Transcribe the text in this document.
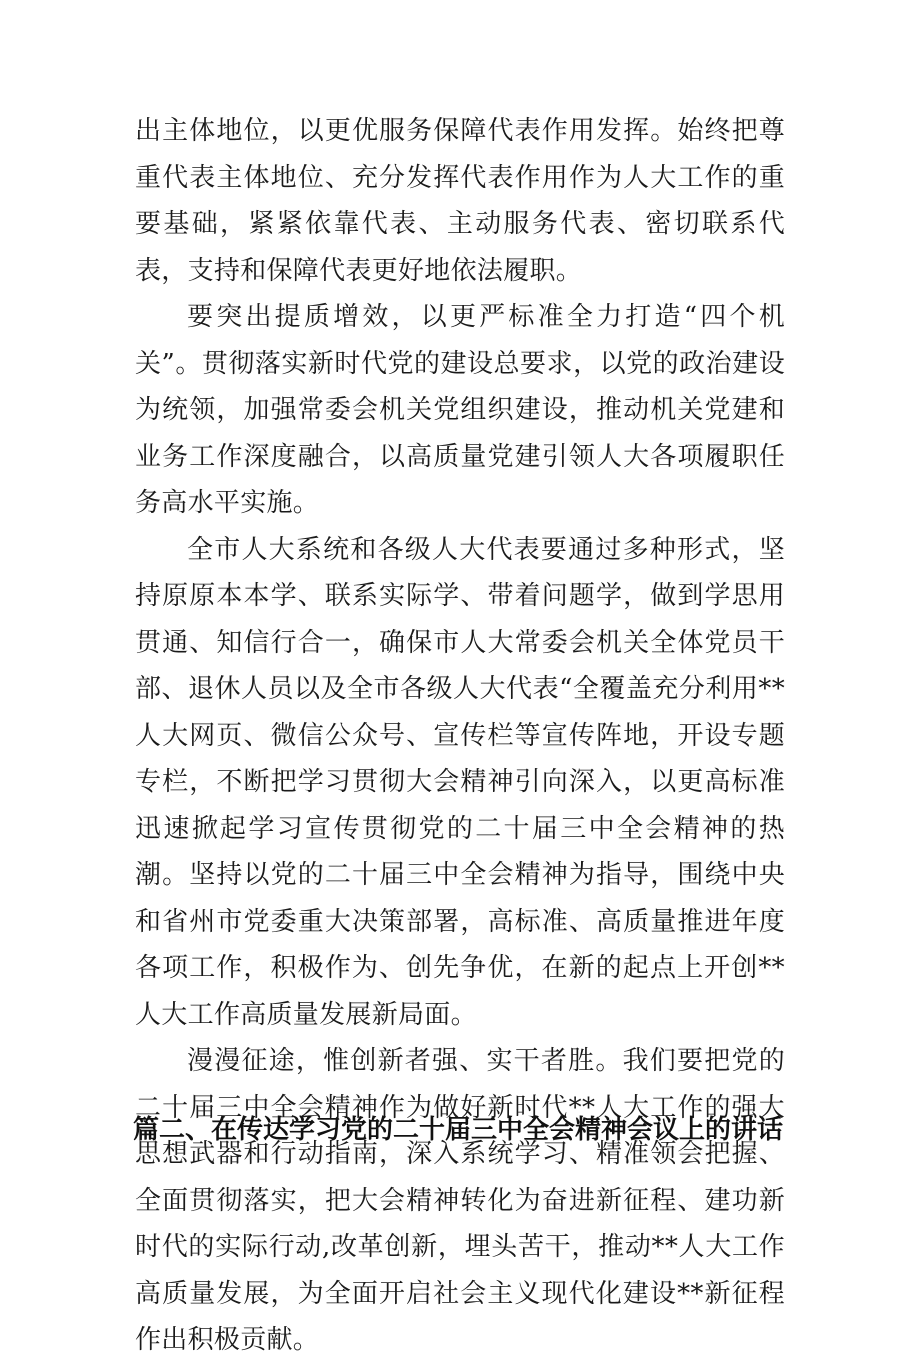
出主体地位，以更优服务保障代表作用发挥。始终把尊重代表主体地位、充分发挥代表作用作为人大工作的重要基础，紧紧依靠代表、主动服务代表、密切联系代表，支持和保障代表更好地依法履职。

要突出提质增效，以更严标准全力打造“四个机关”。贯彻落实新时代党的建设总要求，以党的政治建设为统领，加强常委会机关党组织建设，推动机关党建和业务工作深度融合，以高质量党建引领人大各项履职任务高水平实施。

全市人大系统和各级人大代表要通过多种形式，坚持原原本本学、联系实际学、带着问题学，做到学思用贯通、知信行合一，确保市人大常委会机关全体党员干部、退休人员以及全市各级人大代表“全覆盖充分利用**人大网页、微信公众号、宣传栏等宣传阵地，开设专题专栏，不断把学习贯彻大会精神引向深入，以更高标准迅速掀起学习宣传贯彻党的二十届三中全会精神的热潮。坚持以党的二十届三中全会精神为指导，围绕中央和省州市党委重大决策部署，高标准、高质量推进年度各项工作，积极作为、创先争优，在新的起点上开创**人大工作高质量发展新局面。

漫漫征途，惟创新者强、实干者胜。我们要把党的二十届三中全会精神作为做好新时代**人大工作的强大思想武器和行动指南，深入系统学习、精准领会把握、全面贯彻落实，把大会精神转化为奋进新征程、建功新时代的实际行动,改革创新，埋头苦干，推动**人大工作高质量发展，为全面开启社会主义现代化建设**新征程作出积极贡献。

篇二、在传达学习党的二十届三中全会精神会议上的讲话
